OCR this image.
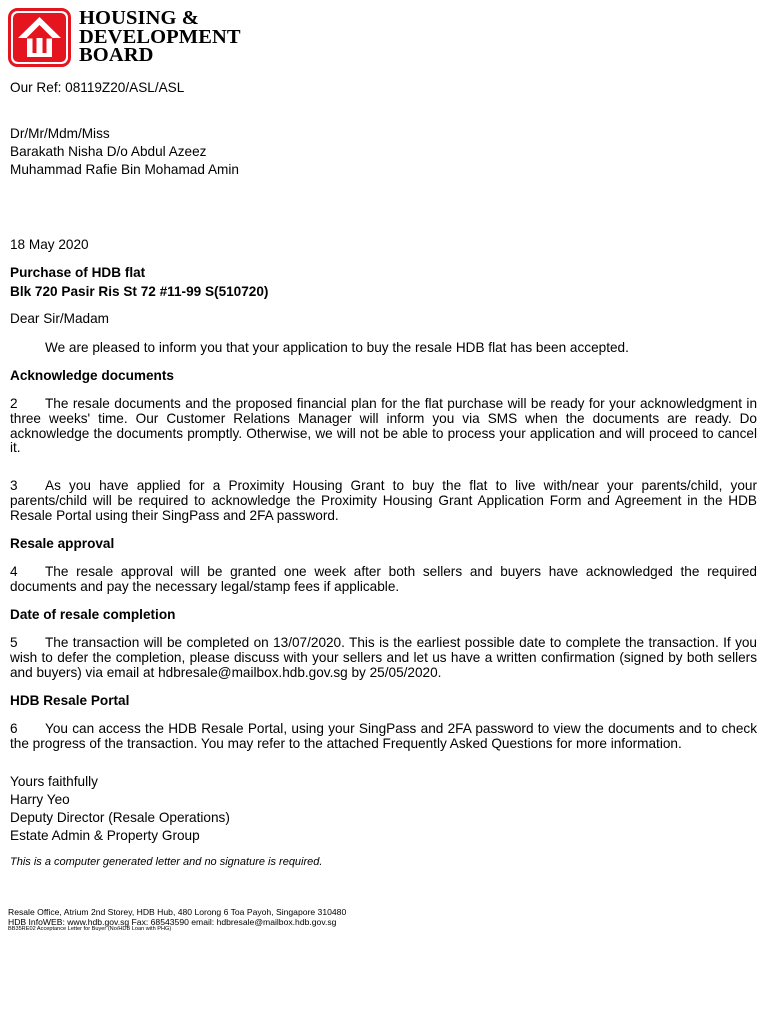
HOUSING &
DEVELOPMENT
BOARD
Our Ref: 08119Z20/ASL/ASL
Dr/Mr/Mdm/Miss
Barakath Nisha D/o Abdul Azeez
Muhammad Rafie Bin Mohamad Amin
18 May 2020
Purchase of HDB flat
Blk 720 Pasir Ris St 72 #11-99 S(510720)
Dear Sir/Madam
We are pleased to inform you that your application to buy the resale HDB flat has been accepted.
Acknowledge documents
2 The resale documents and the proposed financial plan for the flat purchase will be ready for your acknowledgment in three weeks' time. Our Customer Relations Manager will inform you via SMS when the documents are ready. Do acknowledge the documents promptly. Otherwise, we will not be able to process your application and will proceed to cancel it.
3 As you have applied for a Proximity Housing Grant to buy the flat to live with/near your parents/child, your parents/child will be required to acknowledge the Proximity Housing Grant Application Form and Agreement in the HDB Resale Portal using their SingPass and 2FA password.
Resale approval
4 The resale approval will be granted one week after both sellers and buyers have acknowledged the required documents and pay the necessary legal/stamp fees if applicable.
Date of resale completion
5 The transaction will be completed on 13/07/2020. This is the earliest possible date to complete the transaction. If you wish to defer the completion, please discuss with your sellers and let us have a written confirmation (signed by both sellers and buyers) via email at hdbresale@mailbox.hdb.gov.sg by 25/05/2020.
HDB Resale Portal
6 You can access the HDB Resale Portal, using your SingPass and 2FA password to view the documents and to check the progress of the transaction. You may refer to the attached Frequently Asked Questions for more information.
Yours faithfully
Harry Yeo
Deputy Director (Resale Operations)
Estate Admin & Property Group
This is a computer generated letter and no signature is required.
Resale Office, Atrium 2nd Storey, HDB Hub, 480 Lorong 6 Toa Payoh, Singapore 310480
HDB InfoWEB: www.hdb.gov.sg Fax: 68543590 email: hdbresale@mailbox.hdb.gov.sg
BB35RE02 Acceptance Letter for Buyer (No/HDB Loan with PHG)
